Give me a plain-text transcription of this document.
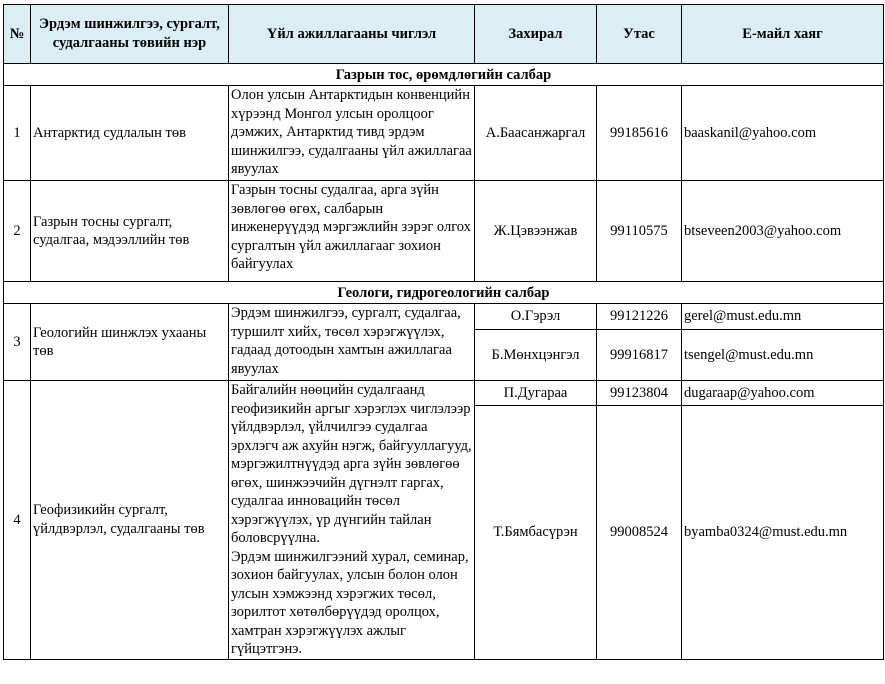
№	Эрдэм шинжилгээ, сургалт, судалгааны төвийн нэр	Үйл ажиллагааны чиглэл	Захирал	Утас	Е-майл хаяг
Газрын тос, өрөмдлөгийн салбар					
1	Антарктид судлалын төв	Олон улсын Антарктидын конвенцийн хүрээнд Монгол улсын оролцоог дэмжих, Антарктид тивд эрдэм шинжилгээ, судалгааны үйл ажиллагаа явуулах	А.Баасанжаргал	99185616	baaskanil@yahoo.com
2	Газрын тосны сургалт, судалгаа, мэдээллийн төв	Газрын тосны судалгаа, арга зүйн зөвлөгөө өгөх, салбарын инженерүүдэд мэргэжлийн зэрэг олгох сургалтын үйл ажиллагааг зохион байгуулах	Ж.Цэвээнжав	99110575	btseveen2003@yahoo.com
Геологи, гидрогеологийн салбар					
3	Геологийн шинжлэх ухааны төв	Эрдэм шинжилгээ, сургалт, судалгаа, туршилт хийх, төсөл хэрэгжүүлэх, гадаад дотоодын хамтын ажиллагаа явуулах	О.Гэрэл	99121226	gerel@must.edu.mn
			Б.Мөнхцэнгэл	99916817	tsengel@must.edu.mn
4	Геофизикийн сургалт, үйлдвэрлэл, судалгааны төв	Байгалийн нөөцийн судалгаанд геофизикийн аргыг хэрэглэх чиглэлээр үйлдвэрлэл, үйлчилгээ судалгаа эрхлэгч аж ахуйн нэгж, байгууллагууд, мэргэжилтнүүдэд арга зүйн зөвлөгөө өгөх, шинжээчийн дүгнэлт гаргах, судалгаа инновацийн төсөл хэрэгжүүлэх, үр дүнгийн тайлан боловсрүүлна.
Эрдэм шинжилгээний хурал, семинар, зохион байгуулах, улсын болон олон улсын хэмжээнд хэрэгжих төсөл, зорилтот хөтөлбөрүүдэд оролцох, хамтран хэрэгжүүлэх ажлыг гүйцэтгэнэ.	П.Дугараа	99123804	dugaraap@yahoo.com
			Т.Бямбасүрэн	99008524	byamba0324@must.edu.mn
